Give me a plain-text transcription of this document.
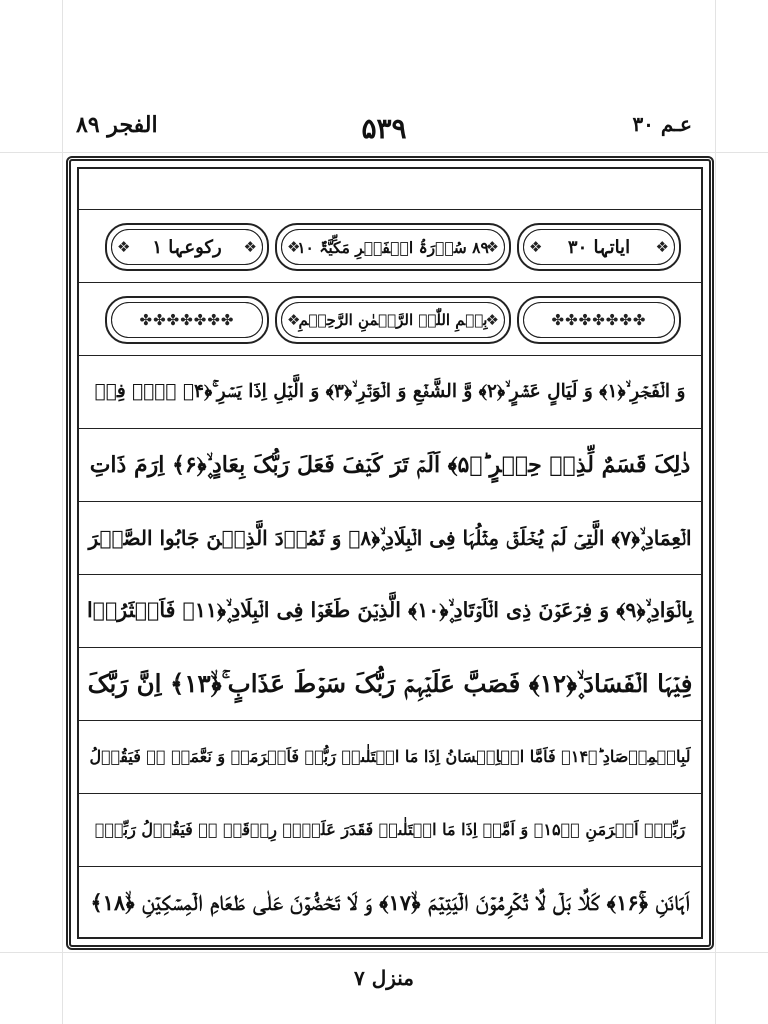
الفجر ۸۹	۵۳۹	عـم ۳۰
❖ رکوعہا ۱ ❖ ❖
۸۹ سُوۡرَۃُ الۡفَجۡرِ مَکِّیَّۃٌ ۱۰
❖ ❖ ایاتہا ۳۰ ❖
✤✤✤✤✤✤✤	❖
بِسۡمِ اللّٰہِ الرَّحۡمٰنِ الرَّحِیۡمِ
❖	✤✤✤✤✤✤✤
وَ الۡفَجۡرِ ۙ﴿۱﴾ وَ لَیَالٍ عَشۡرٍ ۙ﴿۲﴾ وَّ الشَّفۡعِ وَ الۡوَتۡرِ ۙ﴿۳﴾ وَ الَّیۡلِ اِذَا یَسۡرِ ۚ﴿۴﴾ ہَلۡ فِیۡ
ذٰلِکَ قَسَمٌ لِّذِیۡ حِجۡرٍ ؕ﴿۵﴾ اَلَمۡ تَرَ کَیۡفَ فَعَلَ رَبُّکَ بِعَادٍ ۪ۙ﴿۶﴾ اِرَمَ ذَاتِ
الۡعِمَادِ ۪ۙ﴿۷﴾ الَّتِیۡ لَمۡ یُخۡلَقۡ مِثۡلُہَا فِی الۡبِلَادِ ۪ۙ﴿۸﴾ وَ ثَمُوۡدَ الَّذِیۡنَ جَابُوا الصَّخۡرَ
بِالۡوَادِ ۪ۙ﴿۹﴾ وَ فِرۡعَوۡنَ ذِی الۡاَوۡتَادِ ۪ۙ﴿۱۰﴾ الَّذِیۡنَ طَغَوۡا فِی الۡبِلَادِ ۪ۙ﴿۱۱﴾ فَاَکۡثَرُوۡا
فِیۡہَا الۡفَسَادَ ۪ۙ﴿۱۲﴾ فَصَبَّ عَلَیۡہِمۡ رَبُّکَ سَوۡطَ عَذَابٍ ۚ﴿ۙ۱۳﴾ اِنَّ رَبَّکَ
لَبِالۡمِرۡصَادِ ؕ﴿۱۴﴾ فَاَمَّا الۡاِنۡسَانُ اِذَا مَا ابۡتَلٰىہُ رَبُّہٗ فَاَکۡرَمَہٗ وَ نَعَّمَہٗ ۬ۙ فَیَقُوۡلُ
رَبِّیۡۤ اَکۡرَمَنِ ﴿ؕ۱۵﴾ وَ اَمَّاۤ اِذَا مَا ابۡتَلٰىہُ فَقَدَرَ عَلَیۡہِ رِزۡقَہٗ ۬ۙ فَیَقُوۡلُ رَبِّیۡۤ
اَہَانَنِ ﴿ۚ۱۶﴾ کَلَّا بَلۡ لَّا تُکۡرِمُوۡنَ الۡیَتِیۡمَ ﴿ۙ۱۷﴾ وَ لَا تَحٰٓضُّوۡنَ عَلٰی طَعَامِ الۡمِسۡکِیۡنِ ﴿ۙ۱۸﴾
منزل ۷
